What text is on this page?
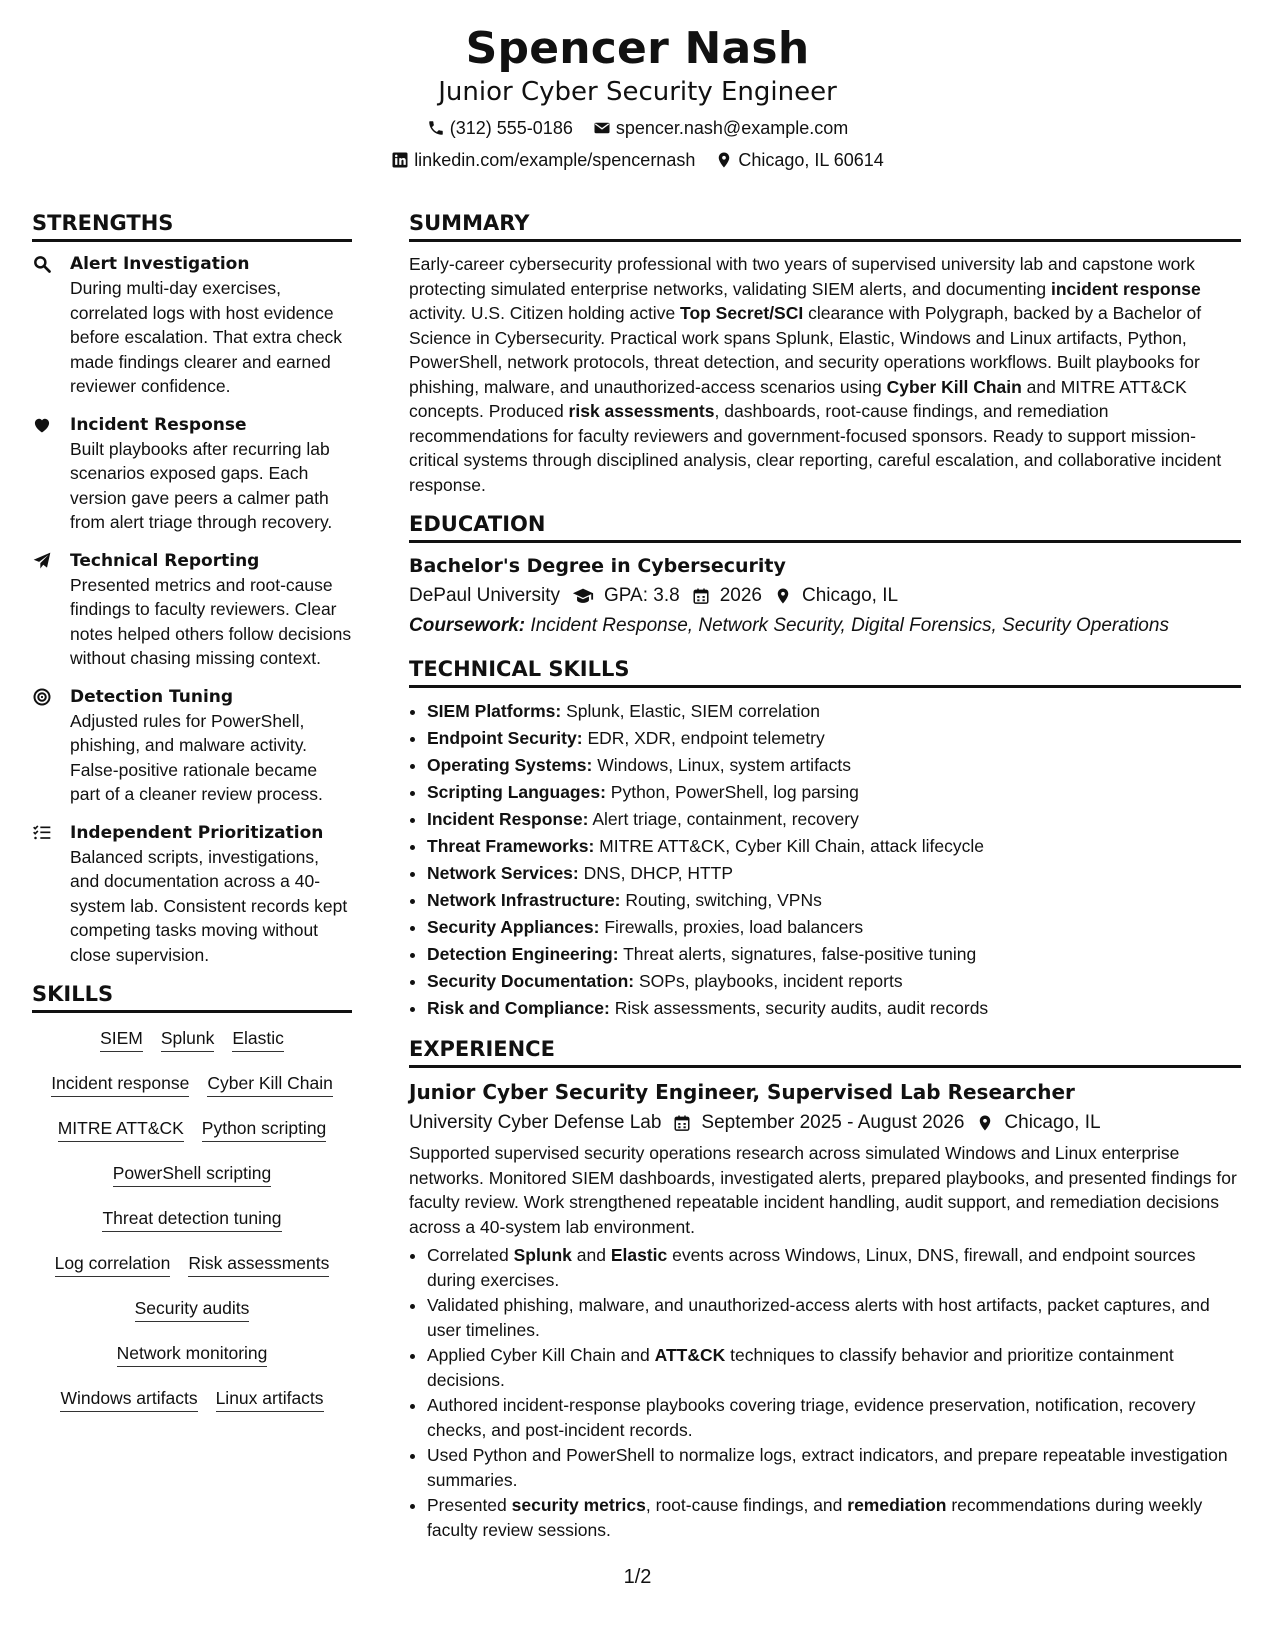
Spencer Nash
Junior Cyber Security Engineer
(312) 555-0186 spencer.nash@example.com
linkedin.com/example/spencernash Chicago, IL 60614
STRENGTHS
Alert Investigation
During multi-day exercises, correlated logs with host evidence before escalation. That extra check made findings clearer and earned reviewer confidence.
Incident Response
Built playbooks after recurring lab scenarios exposed gaps. Each version gave peers a calmer path from alert triage through recovery.
Technical Reporting
Presented metrics and root-cause findings to faculty reviewers. Clear notes helped others follow decisions without chasing missing context.
Detection Tuning
Adjusted rules for PowerShell, phishing, and malware activity. False-positive rationale became part of a cleaner review process.
Independent Prioritization
Balanced scripts, investigations, and documentation across a 40-system lab. Consistent records kept competing tasks moving without close supervision.
SKILLS
SIEM Splunk Elastic
Incident response Cyber Kill Chain
MITRE ATT&CK Python scripting
PowerShell scripting
Threat detection tuning
Log correlation Risk assessments
Security audits
Network monitoring
Windows artifacts Linux artifacts
SUMMARY

Early-career cybersecurity professional with two years of supervised university lab and capstone work protecting simulated enterprise networks, validating SIEM alerts, and documenting incident response activity. U.S. Citizen holding active Top Secret/SCI clearance with Polygraph, backed by a Bachelor of Science in Cybersecurity. Practical work spans Splunk, Elastic, Windows and Linux artifacts, Python, PowerShell, network protocols, threat detection, and security operations workflows. Built playbooks for phishing, malware, and unauthorized-access scenarios using Cyber Kill Chain and MITRE ATT&CK concepts. Produced risk assessments, dashboards, root-cause findings, and remediation recommendations for faculty reviewers and government-focused sponsors. Ready to support mission-critical systems through disciplined analysis, clear reporting, careful escalation, and collaborative incident response.

EDUCATION
Bachelor's Degree in Cybersecurity
DePaul University GPA: 3.8 2026 Chicago, IL
Coursework: Incident Response, Network Security, Digital Forensics, Security Operations
TECHNICAL SKILLS
• SIEM Platforms: Splunk, Elastic, SIEM correlation
• Endpoint Security: EDR, XDR, endpoint telemetry
• Operating Systems: Windows, Linux, system artifacts
• Scripting Languages: Python, PowerShell, log parsing
• Incident Response: Alert triage, containment, recovery
• Threat Frameworks: MITRE ATT&CK, Cyber Kill Chain, attack lifecycle
• Network Services: DNS, DHCP, HTTP
• Network Infrastructure: Routing, switching, VPNs
• Security Appliances: Firewalls, proxies, load balancers
• Detection Engineering: Threat alerts, signatures, false-positive tuning
• Security Documentation: SOPs, playbooks, incident reports
• Risk and Compliance: Risk assessments, security audits, audit records
EXPERIENCE
Junior Cyber Security Engineer, Supervised Lab Researcher
University Cyber Defense Lab September 2025 - August 2026 Chicago, IL

Supported supervised security operations research across simulated Windows and Linux enterprise networks. Monitored SIEM dashboards, investigated alerts, prepared playbooks, and presented findings for faculty review. Work strengthened repeatable incident handling, audit support, and remediation decisions across a 40-system lab environment.

• Correlated Splunk and Elastic events across Windows, Linux, DNS, firewall, and endpoint sources during exercises.
• Validated phishing, malware, and unauthorized-access alerts with host artifacts, packet captures, and user timelines.
• Applied Cyber Kill Chain and ATT&CK techniques to classify behavior and prioritize containment decisions.
• Authored incident-response playbooks covering triage, evidence preservation, notification, recovery checks, and post-incident records.
• Used Python and PowerShell to normalize logs, extract indicators, and prepare repeatable investigation summaries.
• Presented security metrics, root-cause findings, and remediation recommendations during weekly faculty review sessions.
1/2
